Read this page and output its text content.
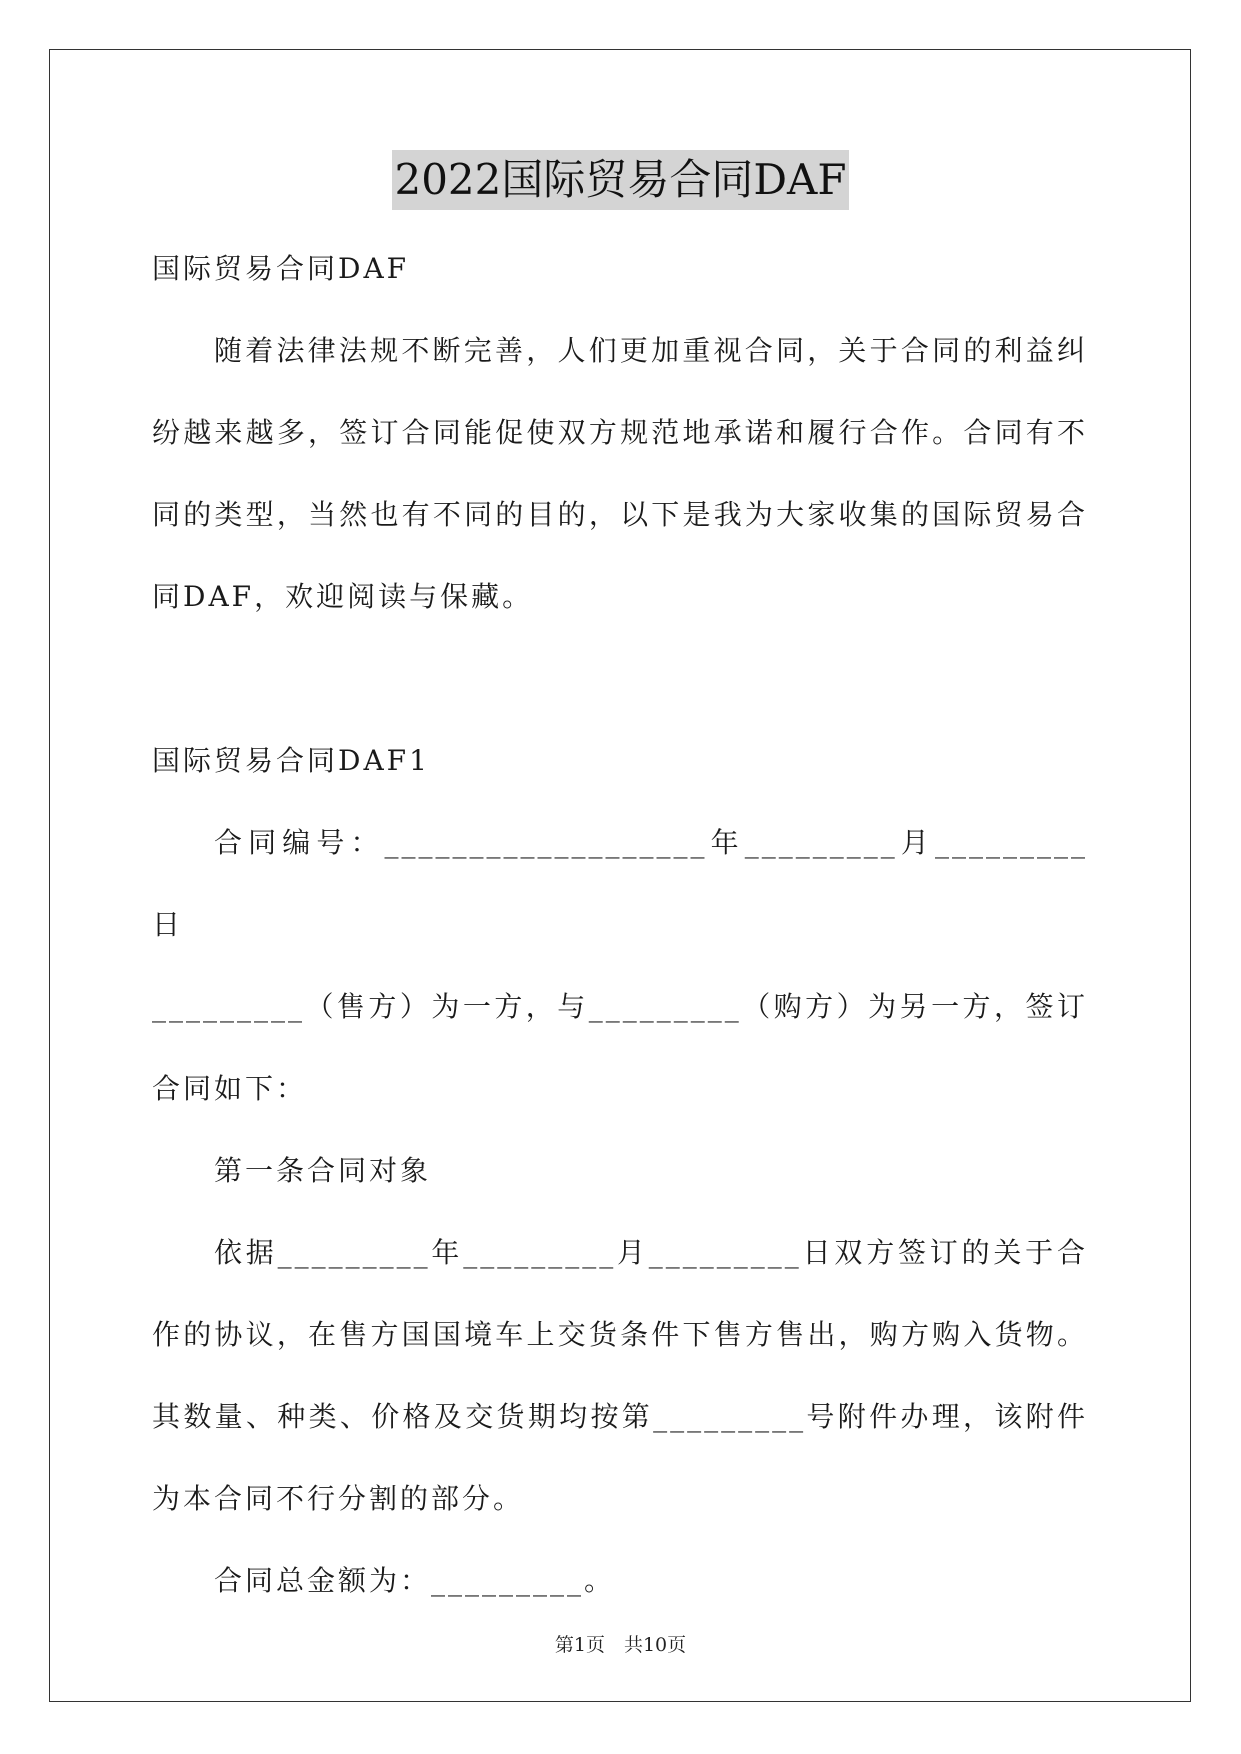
2022国际贸易合同DAF

国际贸易合同DAF

随着法律法规不断完善，人们更加重视合同，关于合同的利益纠纷越来越多，签订合同能促使双方规范地承诺和履行合作。合同有不同的类型，当然也有不同的目的，以下是我为大家收集的国际贸易合同DAF，欢迎阅读与保藏。

国际贸易合同DAF1

合同编号：___________________年_________月_________日

_________（售方）为一方，与_________（购方）为另一方，签订合同如下：

第一条合同对象

依据_________年_________月_________日双方签订的关于合作的协议，在售方国国境车上交货条件下售方售出，购方购入货物。其数量、种类、价格及交货期均按第_________号附件办理，该附件为本合同不行分割的部分。

合同总金额为：_________。

第1页　共10页
